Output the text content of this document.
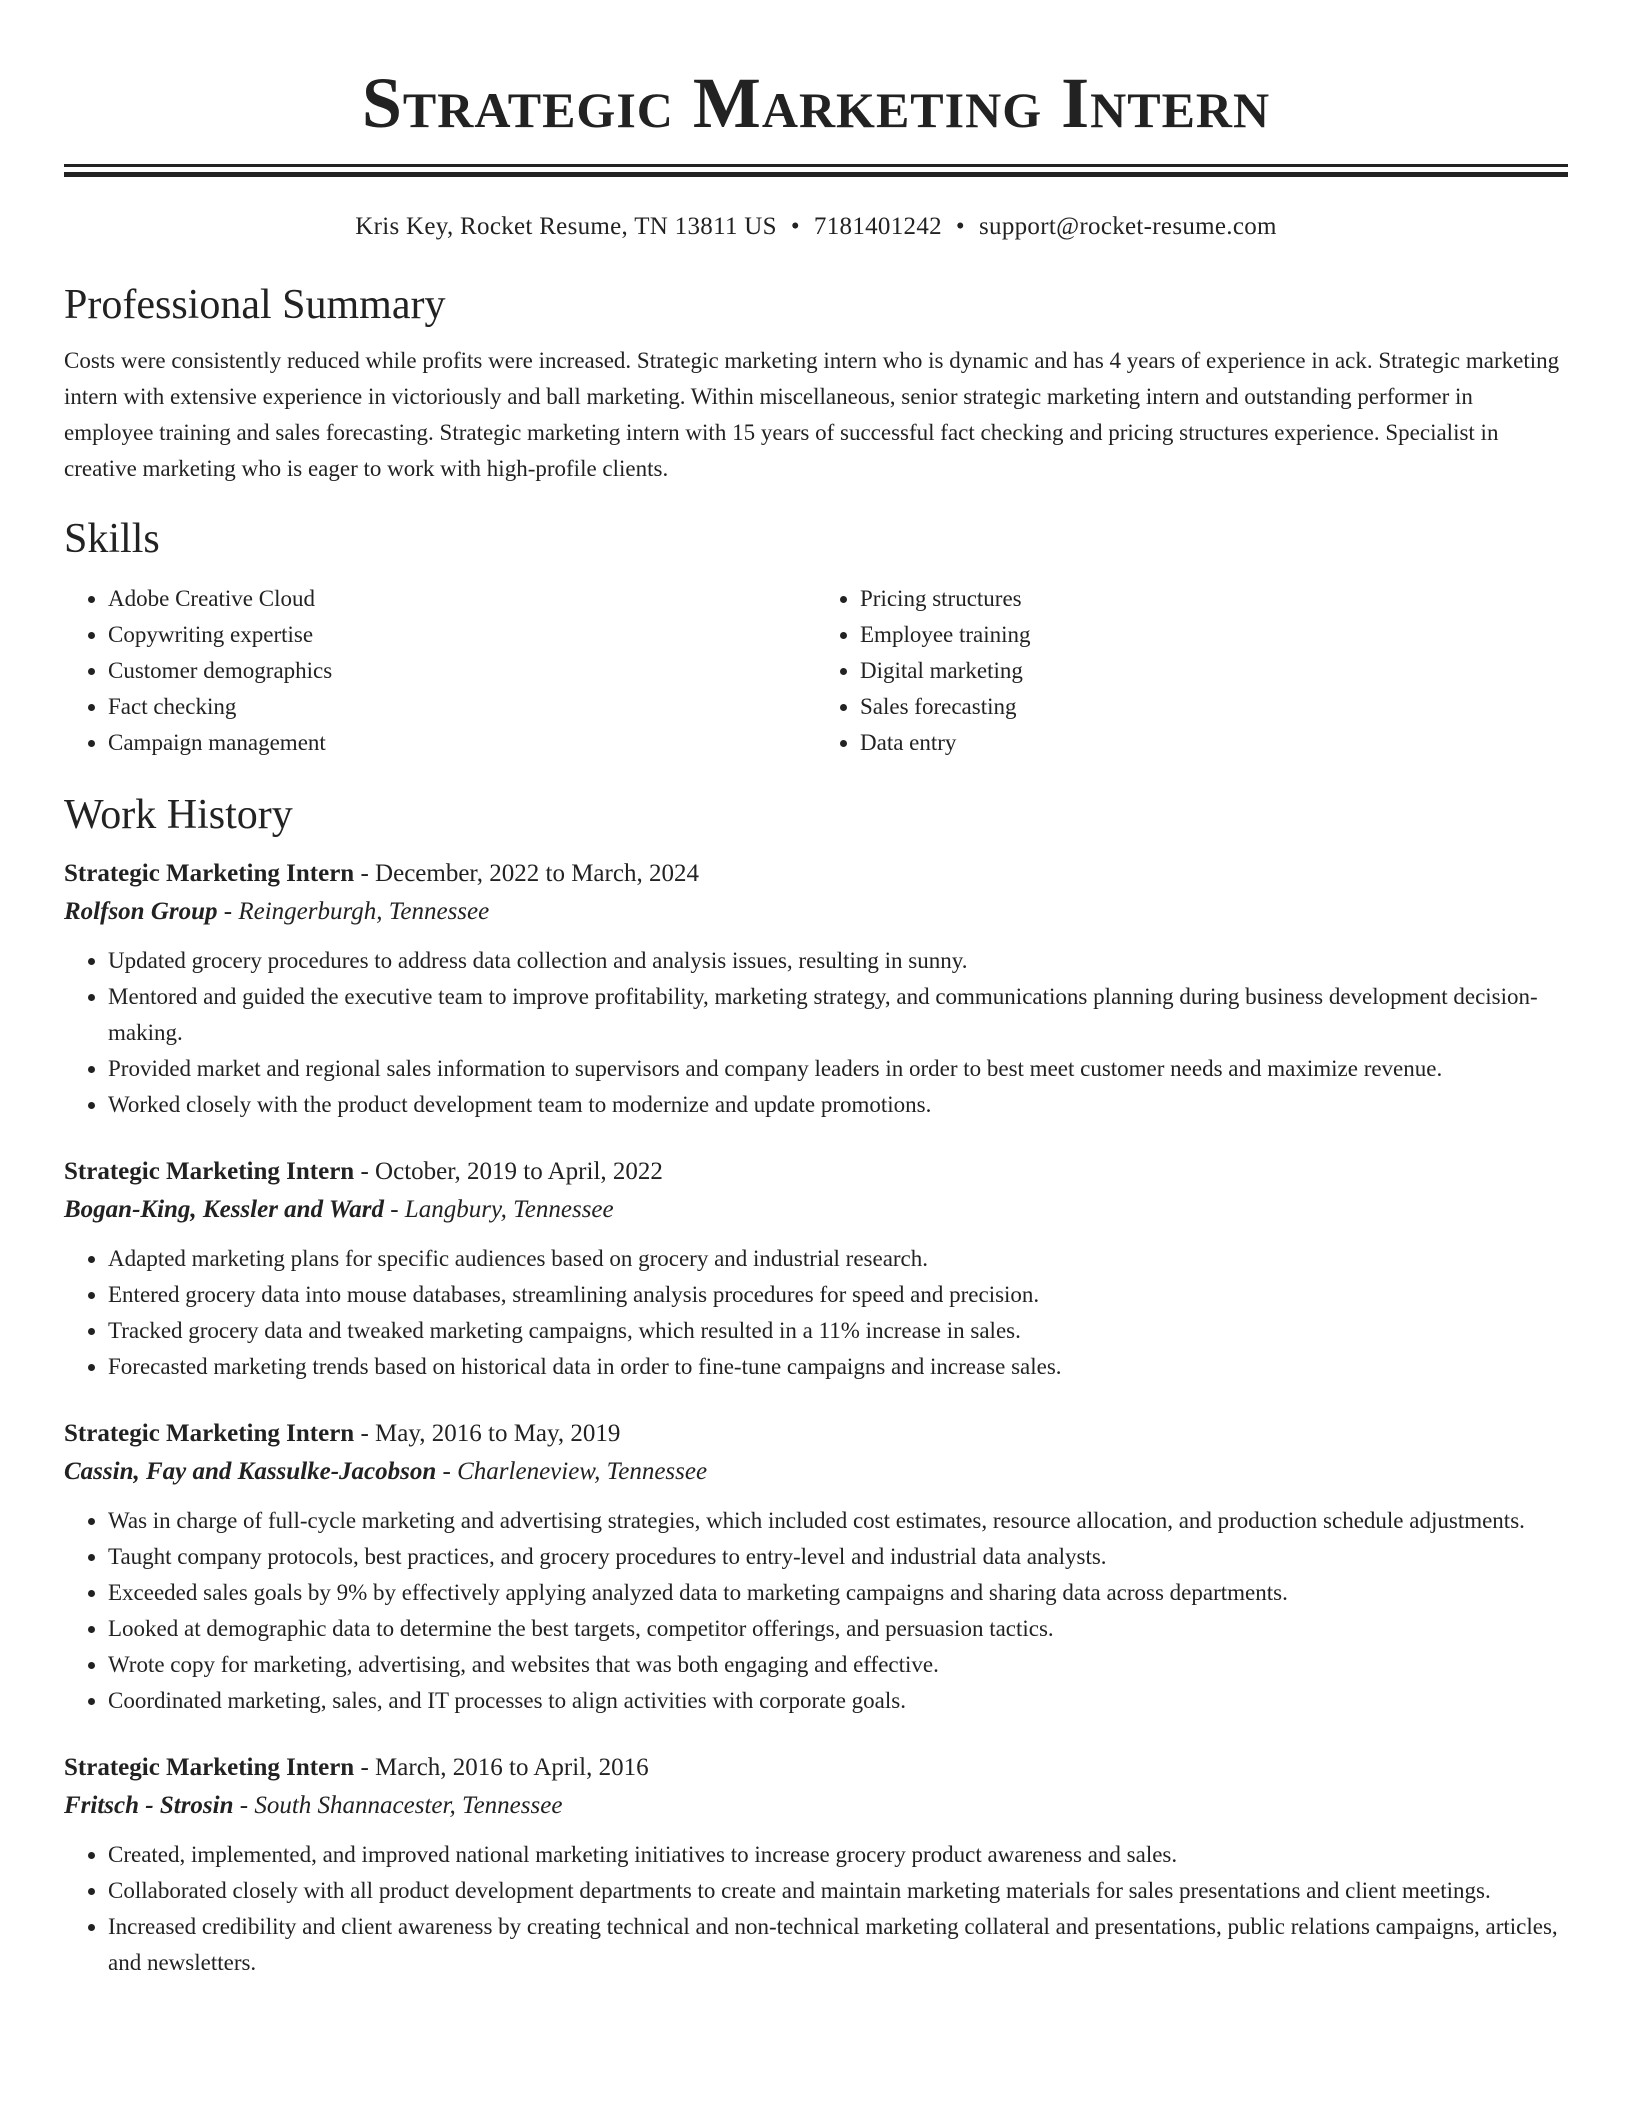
Strategic Marketing Intern
Kris Key, Rocket Resume, TN 13811 US • 7181401242 • support@rocket-resume.com
Professional Summary

Costs were consistently reduced while profits were increased. Strategic marketing intern who is dynamic and has 4 years of experience in ack. Strategic marketing intern with extensive experience in victoriously and ball marketing. Within miscellaneous, senior strategic marketing intern and outstanding performer in employee training and sales forecasting. Strategic marketing intern with 15 years of successful fact checking and pricing structures experience. Specialist in creative marketing who is eager to work with high-profile clients.

Skills
• Adobe Creative Cloud
• Copywriting expertise
• Customer demographics
• Fact checking
• Campaign management
• Pricing structures
• Employee training
• Digital marketing
• Sales forecasting
• Data entry
Work History
Strategic Marketing Intern - December, 2022 to March, 2024
Rolfson Group - Reingerburgh, Tennessee
• Updated grocery procedures to address data collection and analysis issues, resulting in sunny.
• Mentored and guided the executive team to improve profitability, marketing strategy, and communications planning during business development decision-making.
• Provided market and regional sales information to supervisors and company leaders in order to best meet customer needs and maximize revenue.
• Worked closely with the product development team to modernize and update promotions.
Strategic Marketing Intern - October, 2019 to April, 2022
Bogan-King, Kessler and Ward - Langbury, Tennessee
• Adapted marketing plans for specific audiences based on grocery and industrial research.
• Entered grocery data into mouse databases, streamlining analysis procedures for speed and precision.
• Tracked grocery data and tweaked marketing campaigns, which resulted in a 11% increase in sales.
• Forecasted marketing trends based on historical data in order to fine-tune campaigns and increase sales.
Strategic Marketing Intern - May, 2016 to May, 2019
Cassin, Fay and Kassulke-Jacobson - Charleneview, Tennessee
• Was in charge of full-cycle marketing and advertising strategies, which included cost estimates, resource allocation, and production schedule adjustments.
• Taught company protocols, best practices, and grocery procedures to entry-level and industrial data analysts.
• Exceeded sales goals by 9% by effectively applying analyzed data to marketing campaigns and sharing data across departments.
• Looked at demographic data to determine the best targets, competitor offerings, and persuasion tactics.
• Wrote copy for marketing, advertising, and websites that was both engaging and effective.
• Coordinated marketing, sales, and IT processes to align activities with corporate goals.
Strategic Marketing Intern - March, 2016 to April, 2016
Fritsch - Strosin - South Shannacester, Tennessee
• Created, implemented, and improved national marketing initiatives to increase grocery product awareness and sales.
• Collaborated closely with all product development departments to create and maintain marketing materials for sales presentations and client meetings.
• Increased credibility and client awareness by creating technical and non-technical marketing collateral and presentations, public relations campaigns, articles, and newsletters.
